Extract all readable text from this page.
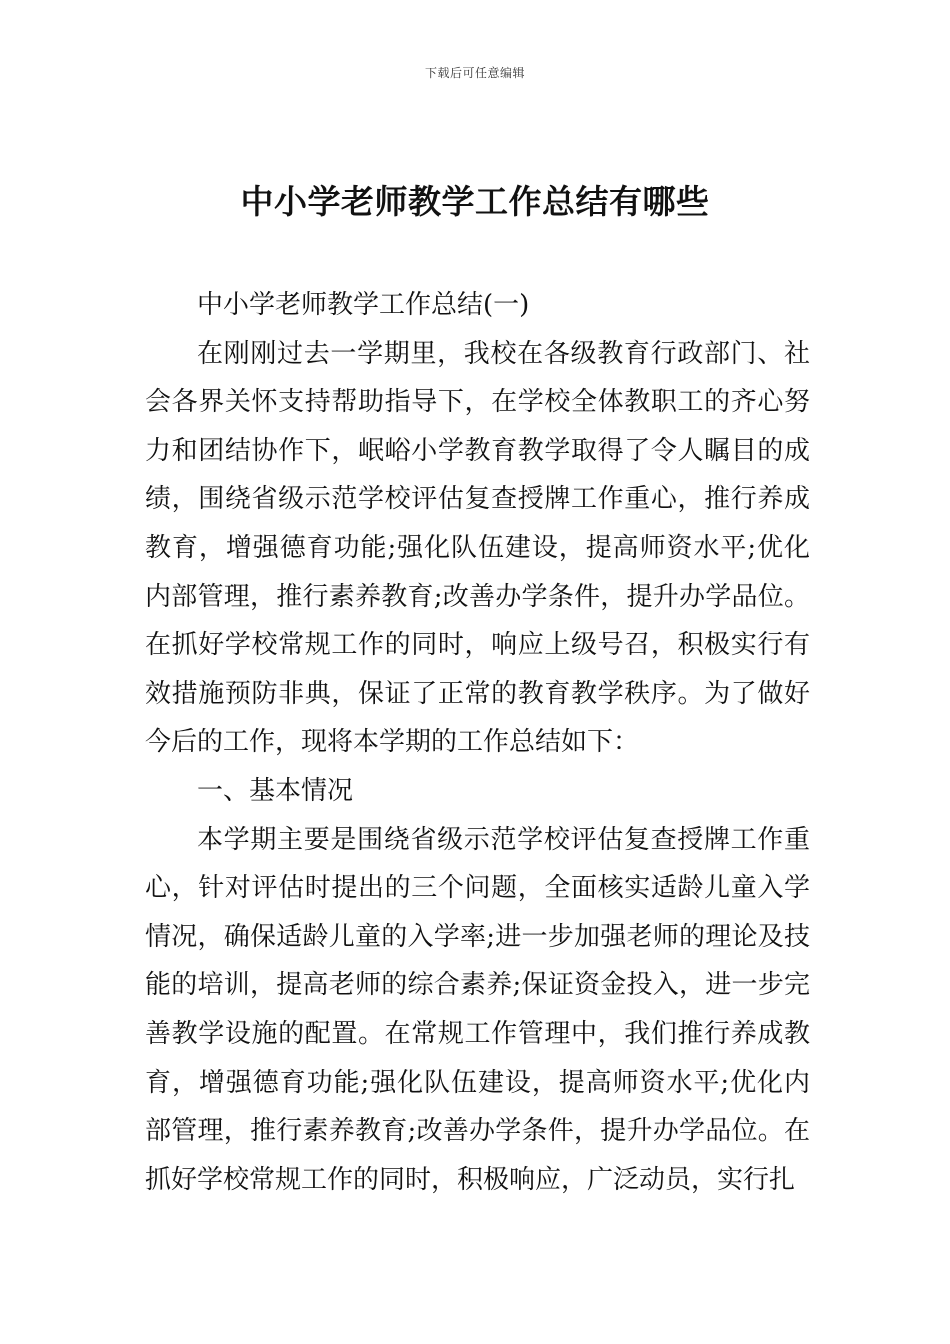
下载后可任意编辑
中小学老师教学工作总结有哪些

中小学老师教学工作总结(一)

在刚刚过去一学期里，我校在各级教育行政部门、社会各界关怀支持帮助指导下，在学校全体教职工的齐心努力和团结协作下，岷峪小学教育教学取得了令人瞩目的成绩，围绕省级示范学校评估复查授牌工作重心，推行养成教育，增强德育功能;强化队伍建设，提高师资水平;优化内部管理，推行素养教育;改善办学条件，提升办学品位。在抓好学校常规工作的同时，响应上级号召，积极实行有效措施预防非典，保证了正常的教育教学秩序。为了做好今后的工作，现将本学期的工作总结如下：

一、基本情况

本学期主要是围绕省级示范学校评估复查授牌工作重心，针对评估时提出的三个问题，全面核实适龄儿童入学情况，确保适龄儿童的入学率;进一步加强老师的理论及技能的培训，提高老师的综合素养;保证资金投入，进一步完善教学设施的配置。在常规工作管理中，我们推行养成教育，增强德育功能;强化队伍建设，提高师资水平;优化内部管理，推行素养教育;改善办学条件，提升办学品位。在抓好学校常规工作的同时，积极响应，广泛动员，实行扎
